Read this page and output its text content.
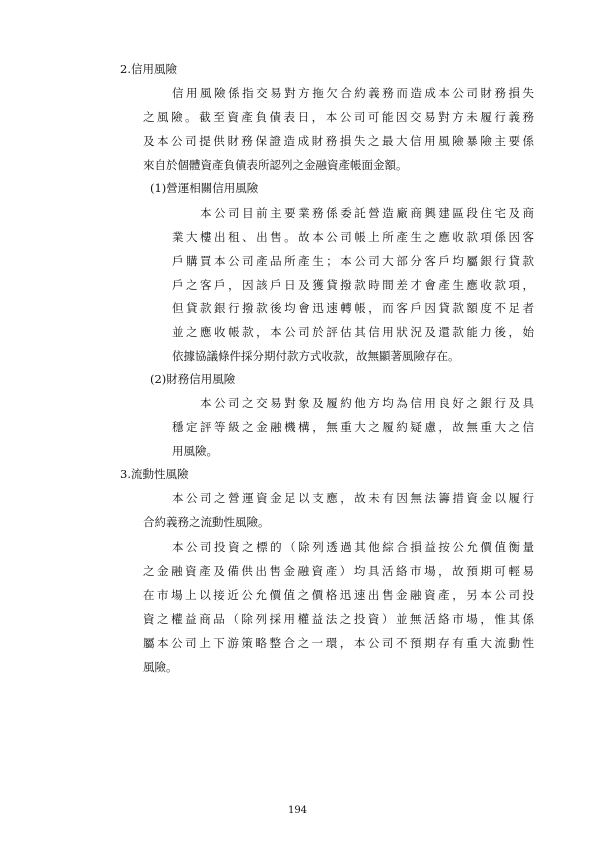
2.信用風險
信用風險係指交易對方拖欠合約義務而造成本公司財務損失
之風險。截至資產負債表日，本公司可能因交易對方未履行義務
及本公司提供財務保證造成財務損失之最大信用風險暴險主要係
來自於個體資產負債表所認列之金融資產帳面金額。
(1)營運相關信用風險
本公司目前主要業務係委託營造廠商興建區段住宅及商
業大樓出租、出售。故本公司帳上所產生之應收款項係因客
戶購買本公司產品所產生；本公司大部分客戶均屬銀行貸款
戶之客戶，因該戶日及獲貸撥款時間差才會產生應收款項，
但貸款銀行撥款後均會迅速轉帳，而客戶因貸款額度不足者
並之應收帳款，本公司於評估其信用狀況及還款能力後，始
依據協議條件採分期付款方式收款，故無顯著風險存在。
(2)財務信用風險
本公司之交易對象及履約他方均為信用良好之銀行及具
穩定評等級之金融機構，無重大之履約疑慮，故無重大之信
用風險。
3.流動性風險
本公司之營運資金足以支應，故未有因無法籌措資金以履行
合約義務之流動性風險。
本公司投資之標的（除列透過其他綜合損益按公允價值衡量
之金融資產及備供出售金融資產）均具活絡市場，故預期可輕易
在市場上以接近公允價值之價格迅速出售金融資產，另本公司投
資之權益商品（除列採用權益法之投資）並無活絡市場，惟其係
屬本公司上下游策略整合之一環，本公司不預期存有重大流動性
風險。
194
